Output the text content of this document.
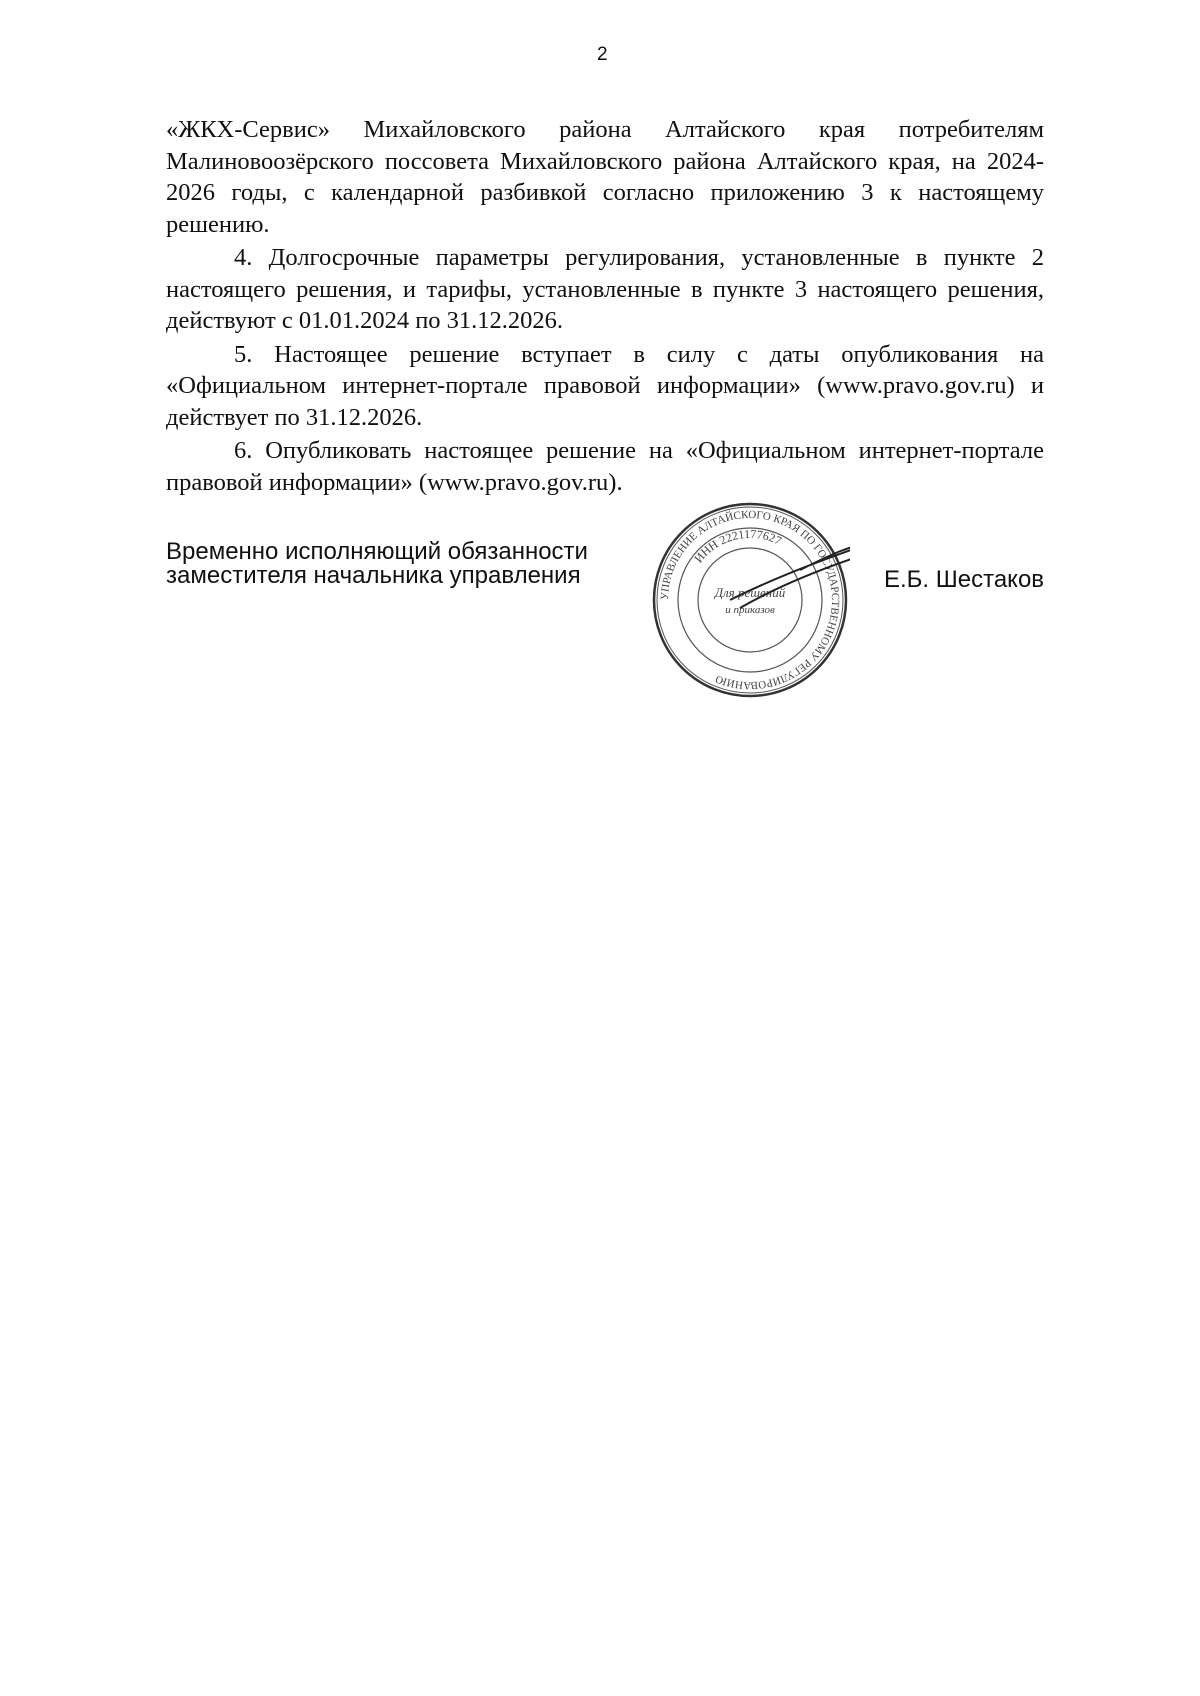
2

«ЖКХ-Сервис» Михайловского района Алтайского края потребителям Малиновоозёрского поссовета Михайловского района Алтайского края, на 2024-2026 годы, с календарной разбивкой согласно приложению 3 к настоящему решению.

4. Долгосрочные параметры регулирования, установленные в пункте 2 настоящего решения, и тарифы, установленные в пункте 3 настоящего решения, действуют с 01.01.2024 по 31.12.2026.

5. Настоящее решение вступает в силу с даты опубликования на «Официальном интернет-портале правовой информации» (www.pravo.gov.ru) и действует по 31.12.2026.

6. Опубликовать настоящее решение на «Официальном интернет-портале правовой информации» (www.pravo.gov.ru).

Временно исполняющий обязанности
заместителя начальника управления
УПРАВЛЕНИЕ АЛТАЙСКОГО КРАЯ ПО ГОСУДАРСТВЕННОМУ РЕГУЛИРОВАНИЮ
ИНН 2221177627
Для решений
и приказов
Е.Б. Шестаков
